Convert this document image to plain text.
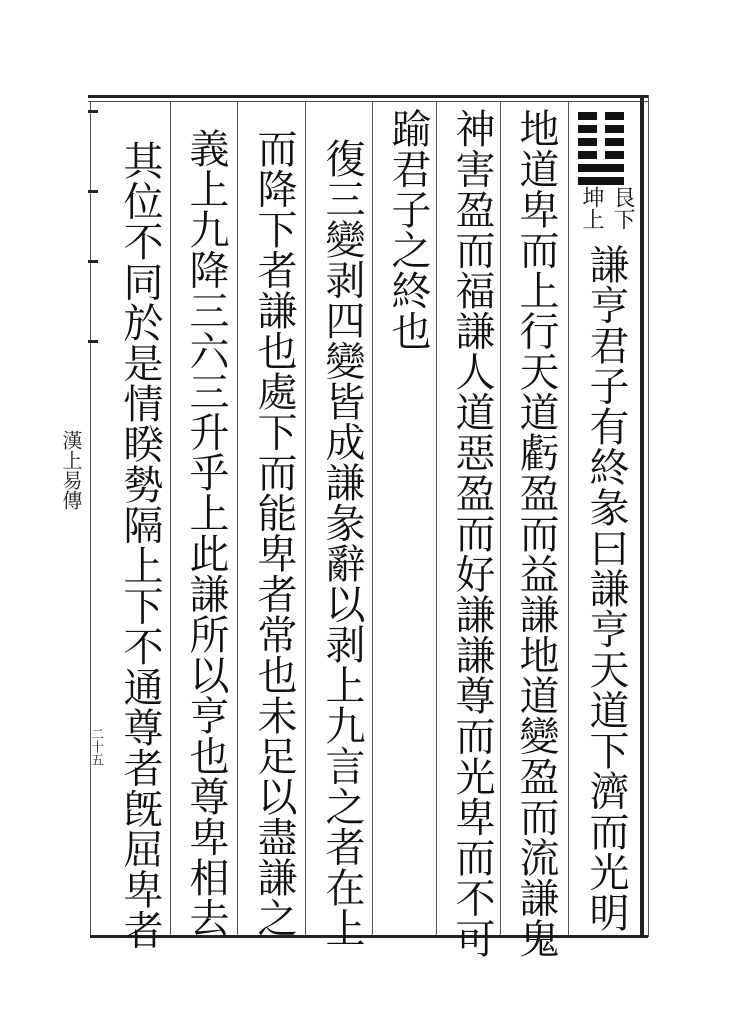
艮下
坤上
謙亨君子有終彖曰謙亨天道下濟而光明
地道卑而上行天道虧盈而益謙地道變盈而流謙鬼
神害盈而福謙人道惡盈而好謙謙尊而光卑而不可
踰君子之終也
復三變剥四變皆成謙彖辭以剥上九言之者在上
而降下者謙也處下而能卑者常也未足以盡謙之
義上九降三六三升乎上此謙所以亨也尊卑相去
其位不同於是情睽勢隔上下不通尊者旣屈卑者
漢上易傳
二十五
